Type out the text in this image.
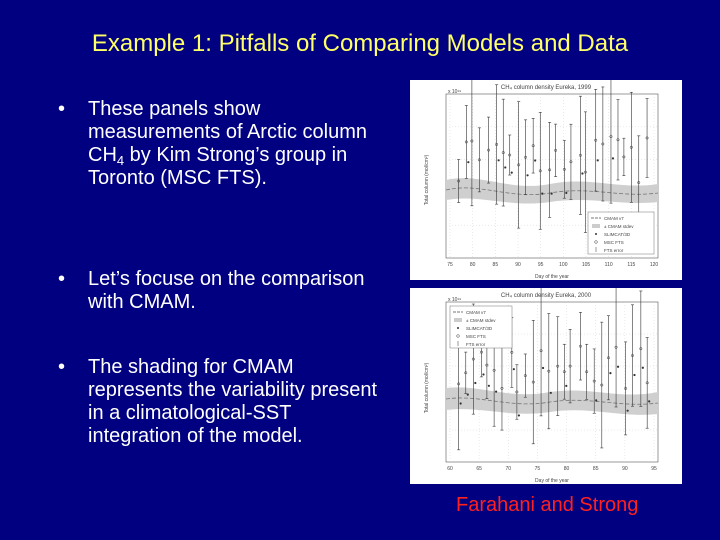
Example 1: Pitfalls of Comparing Models and Data
• These panels show measurements of Arctic column $CH_4$ by Kim Strong’s group in Toronto (MSC FTS).
• Let’s focuse on the comparison with CMAM.
• The shading for CMAM represents the variability present in a climatological-SST integration of the model.
CH₄ column density Eureka, 1999
x 10¹⁹
Total column (mol/cm²)
75	80	85	90	95	100	105	110	115	120
Day of the year
CMAM v7
± CMAM stdev
SLIMCAT/3D
MSC FTS
FTS error
CH₄ column density Eureka, 2000
x 10¹⁹
Total column (mol/cm²)
60	65	70	75	80	85	90	95
Day of the year
CMAM v7
± CMAM stdev
SLIMCAT/3D
MSC FTS
FTS error
Farahani and Strong
